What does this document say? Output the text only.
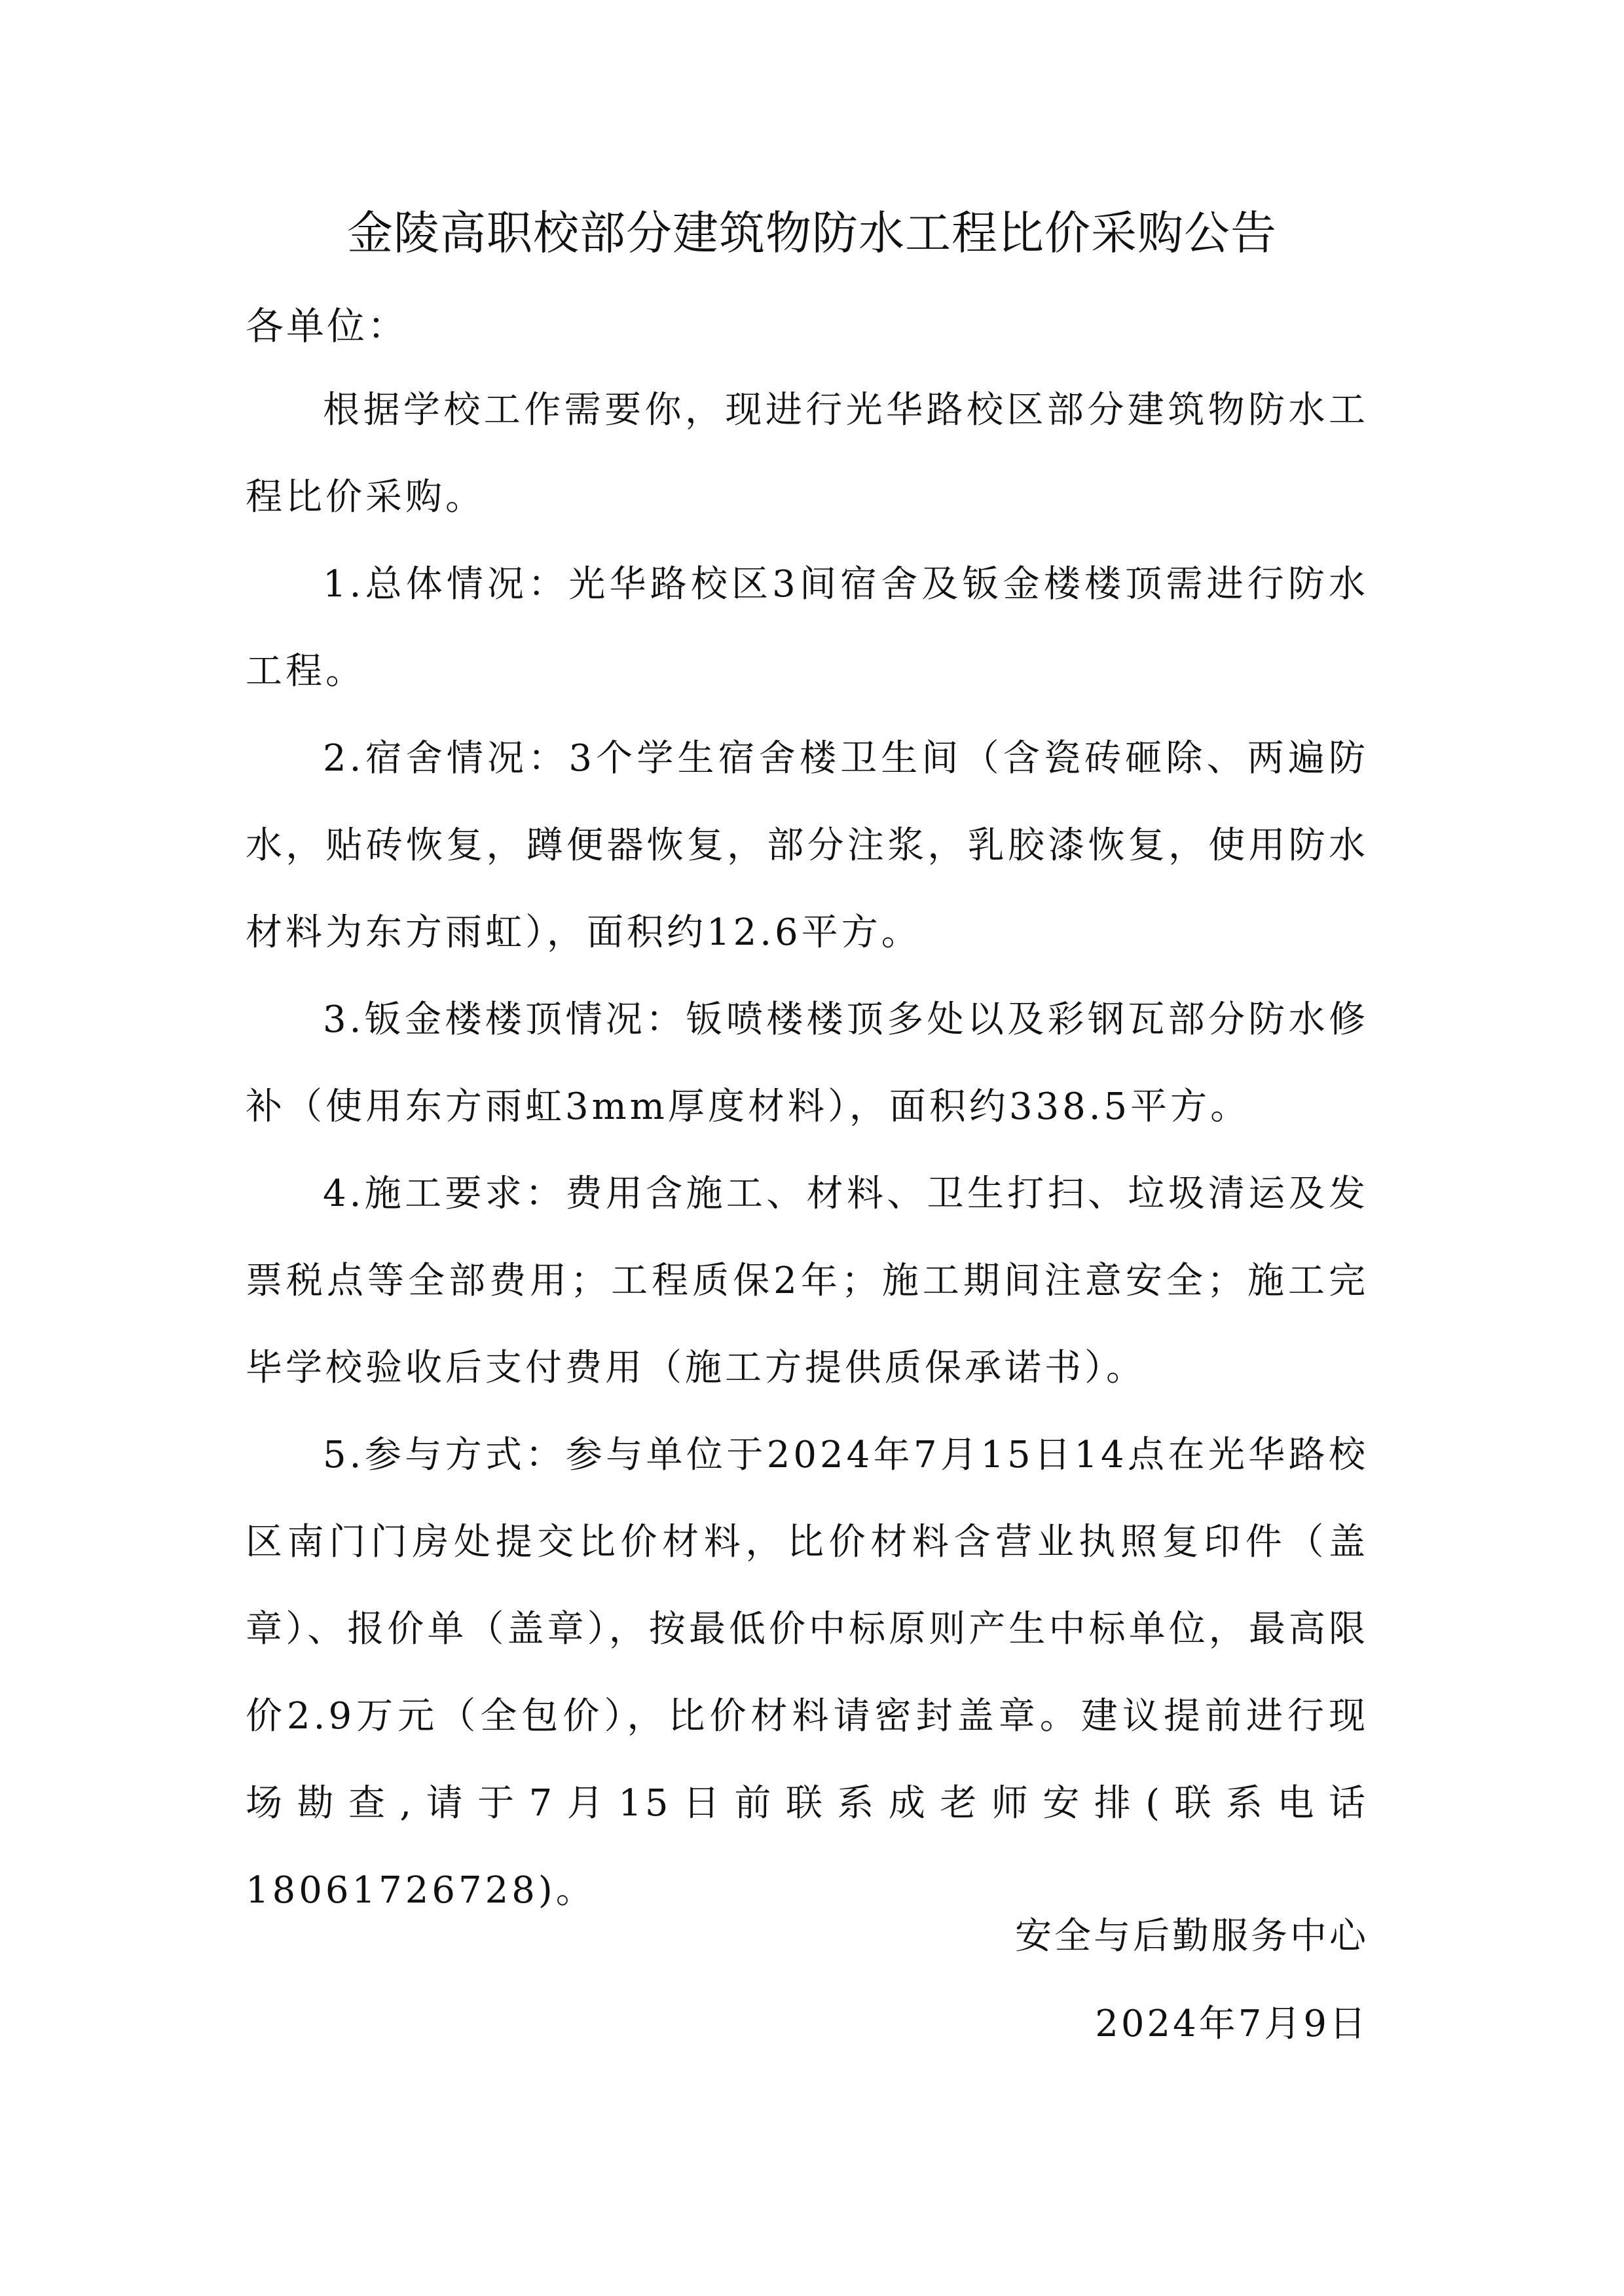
金陵高职校部分建筑物防水工程比价采购公告

各单位：

根据学校工作需要你，现进行光华路校区部分建筑物防水工程比价采购。

1.总体情况：光华路校区3间宿舍及钣金楼楼顶需进行防水工程。

2.宿舍情况：3个学生宿舍楼卫生间（含瓷砖砸除、两遍防水，贴砖恢复，蹲便器恢复，部分注浆，乳胶漆恢复，使用防水材料为东方雨虹），面积约12.6平方。

3.钣金楼楼顶情况：钣喷楼楼顶多处以及彩钢瓦部分防水修补（使用东方雨虹3mm厚度材料），面积约338.5平方。

4.施工要求：费用含施工、材料、卫生打扫、垃圾清运及发票税点等全部费用；工程质保2年；施工期间注意安全；施工完毕学校验收后支付费用（施工方提供质保承诺书）。

5.参与方式：参与单位于2024年7月15日14点在光华路校区南门门房处提交比价材料，比价材料含营业执照复印件（盖章）、报价单（盖章），按最低价中标原则产生中标单位，最高限价2.9万元（全包价），比价材料请密封盖章。建议提前进行现场勘查,请于7月15日前联系成老师安排(联系电话18061726728)。

安全与后勤服务中心

2024年7月9日
